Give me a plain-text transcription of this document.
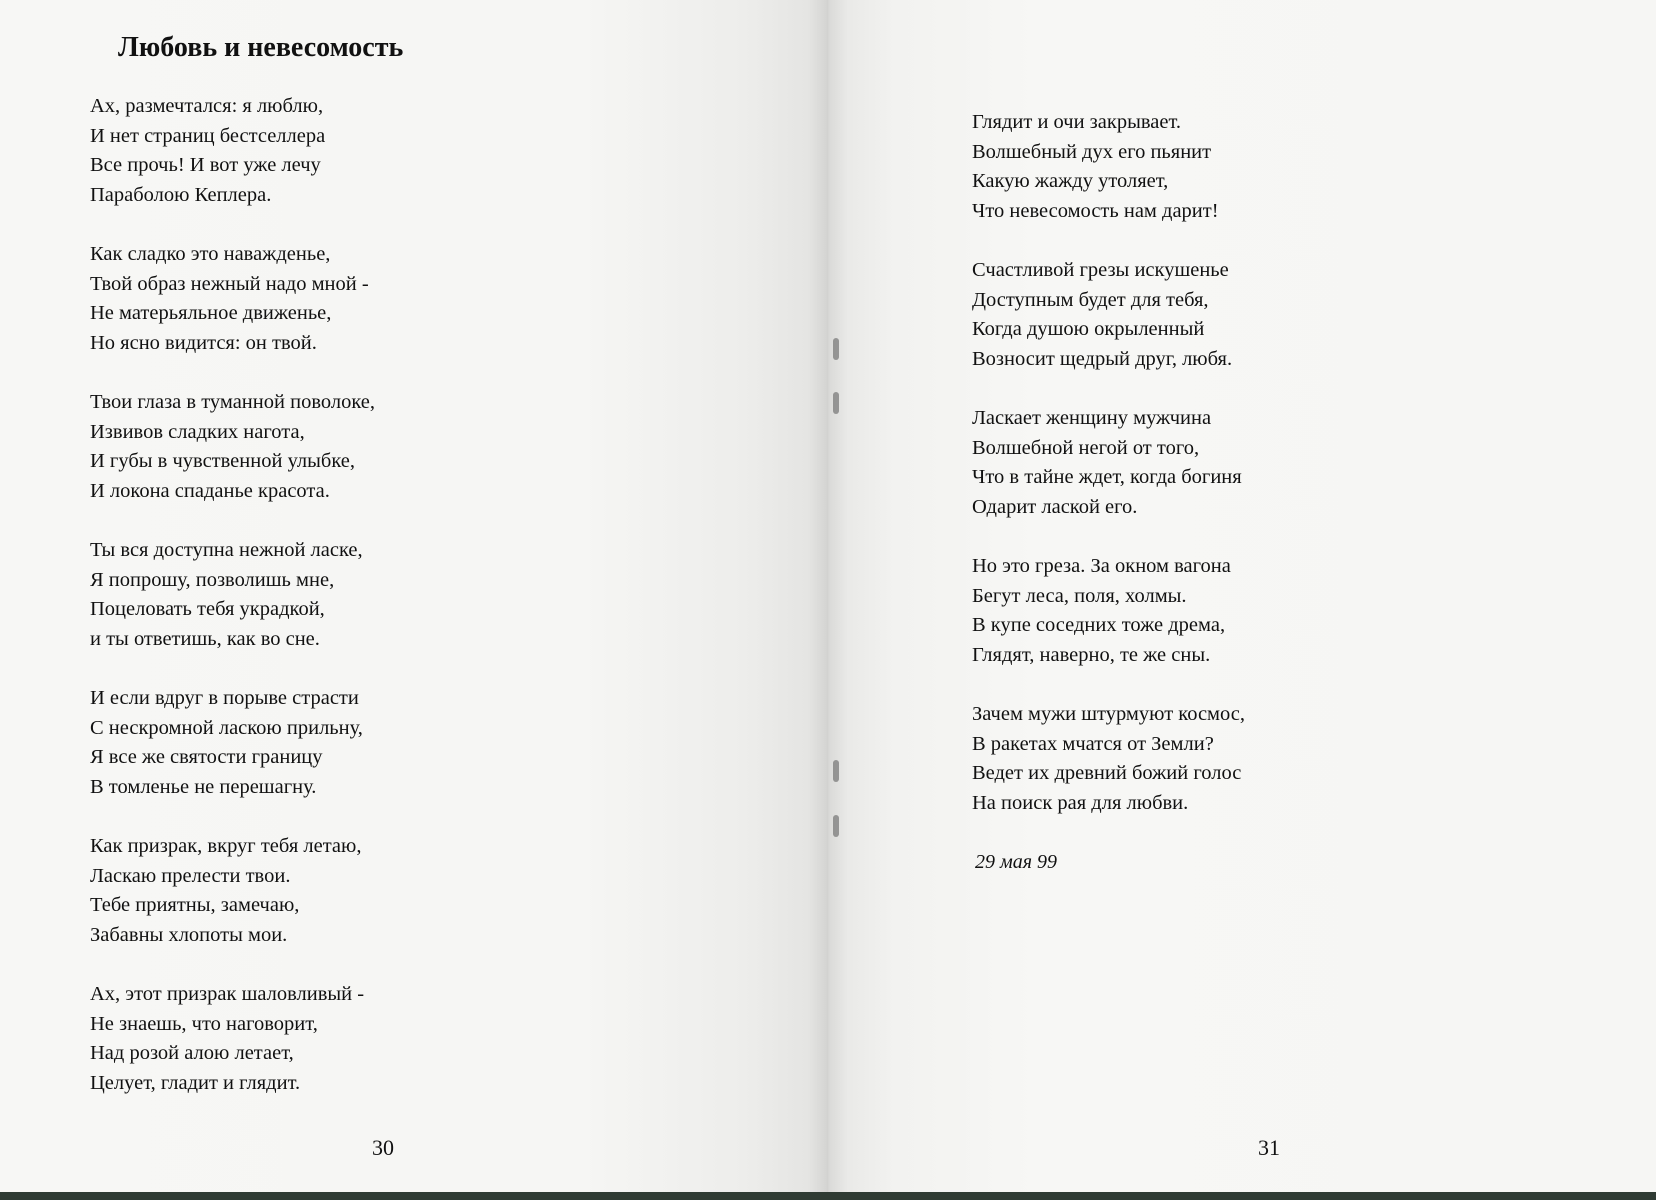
Любовь и невесомость
Ах, размечтался: я люблю,
И нет страниц бестселлера
Все прочь! И вот уже лечу
Параболою Кеплера.
Как сладко это наважденье,
Твой образ нежный надо мной -
Не матерьяльное движенье,
Но ясно видится: он твой.
Твои глаза в туманной поволоке,
Извивов сладких нагота,
И губы в чувственной улыбке,
И локона спаданье красота.
Ты вся доступна нежной ласке,
Я попрошу, позволишь мне,
Поцеловать тебя украдкой,
и ты ответишь, как во сне.
И если вдруг в порыве страсти
С нескромной ласкою прильну,
Я все же святости границу
В томленье не перешагну.
Как призрак, вкруг тебя летаю,
Ласкаю прелести твои.
Тебе приятны, замечаю,
Забавны хлопоты мои.
Ах, этот призрак шаловливый -
Не знаешь, что наговорит,
Над розой алою летает,
Целует, гладит и глядит.
Глядит и очи закрывает.
Волшебный дух его пьянит
Какую жажду утоляет,
Что невесомость нам дарит!
Счастливой грезы искушенье
Доступным будет для тебя,
Когда душою окрыленный
Возносит щедрый друг, любя.
Ласкает женщину мужчина
Волшебной негой от того,
Что в тайне ждет, когда богиня
Одарит лаской его.
Но это греза. За окном вагона
Бегут леса, поля, холмы.
В купе соседних тоже дрема,
Глядят, наверно, те же сны.
Зачем мужи штурмуют космос,
В ракетах мчатся от Земли?
Ведет их древний божий голос
На поиск рая для любви.
29 мая 99
30	31
